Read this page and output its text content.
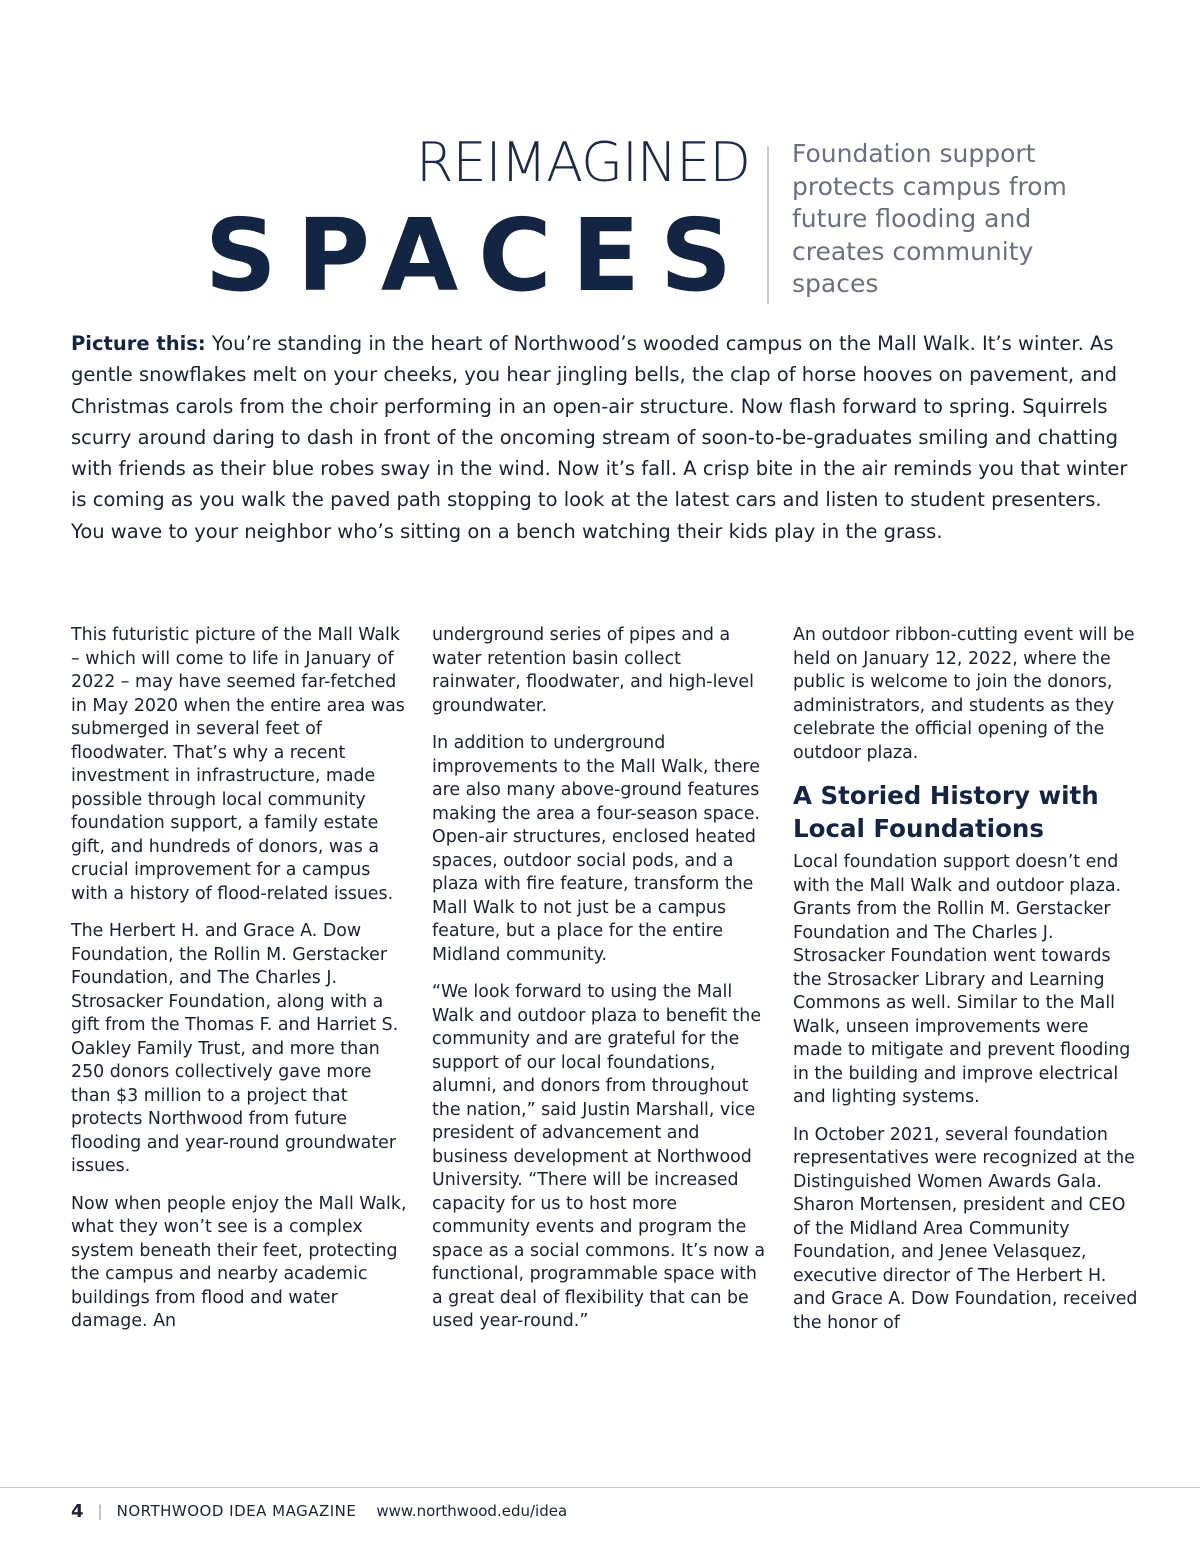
REIMAGINED
SPACES
Foundation support protects campus from future flooding and creates community spaces

Picture this: You’re standing in the heart of Northwood’s wooded campus on the Mall Walk. It’s winter. As gentle snowflakes melt on your cheeks, you hear jingling bells, the clap of horse hooves on pavement, and Christmas carols from the choir performing in an open-air structure. Now flash forward to spring. Squirrels scurry around daring to dash in front of the oncoming stream of soon-to-be-graduates smiling and chatting with friends as their blue robes sway in the wind. Now it’s fall. A crisp bite in the air reminds you that winter is coming as you walk the paved path stopping to look at the latest cars and listen to student presenters. You wave to your neighbor who’s sitting on a bench watching their kids play in the grass.

This futuristic picture of the Mall Walk – which will come to life in January of 2022 – may have seemed far-fetched in May 2020 when the entire area was submerged in several feet of floodwater. That’s why a recent investment in infrastructure, made possible through local community foundation support, a family estate gift, and hundreds of donors, was a crucial improvement for a campus with a history of flood-related issues.

The Herbert H. and Grace A. Dow Foundation, the Rollin M. Gerstacker Foundation, and The Charles J. Strosacker Foundation, along with a gift from the Thomas F. and Harriet S. Oakley Family Trust, and more than 250 donors collectively gave more than $3 million to a project that protects Northwood from future flooding and year-round groundwater issues.

Now when people enjoy the Mall Walk, what they won’t see is a complex system beneath their feet, protecting the campus and nearby academic buildings from flood and water damage. An

underground series of pipes and a water retention basin collect rainwater, floodwater, and high-level groundwater.

In addition to underground improvements to the Mall Walk, there are also many above-ground features making the area a four-season space. Open-air structures, enclosed heated spaces, outdoor social pods, and a plaza with fire feature, transform the Mall Walk to not just be a campus feature, but a place for the entire Midland community.

“We look forward to using the Mall Walk and outdoor plaza to benefit the community and are grateful for the support of our local foundations, alumni, and donors from throughout the nation,” said Justin Marshall, vice president of advancement and business development at Northwood University. “There will be increased capacity for us to host more community events and program the space as a social commons. It’s now a functional, programmable space with a great deal of flexibility that can be used year-round.”

An outdoor ribbon-cutting event will be held on January 12, 2022, where the public is welcome to join the donors, administrators, and students as they celebrate the official opening of the outdoor plaza.

A Storied History with Local Foundations

Local foundation support doesn’t end with the Mall Walk and outdoor plaza. Grants from the Rollin M. Gerstacker Foundation and The Charles J. Strosacker Foundation went towards the Strosacker Library and Learning Commons as well. Similar to the Mall Walk, unseen improvements were made to mitigate and prevent flooding in the building and improve electrical and lighting systems.

In October 2021, several foundation representatives were recognized at the Distinguished Women Awards Gala. Sharon Mortensen, president and CEO of the Midland Area Community Foundation, and Jenee Velasquez, executive director of The Herbert H. and Grace A. Dow Foundation, received the honor of

4 | NORTHWOOD IDEA MAGAZINE www.northwood.edu/idea
